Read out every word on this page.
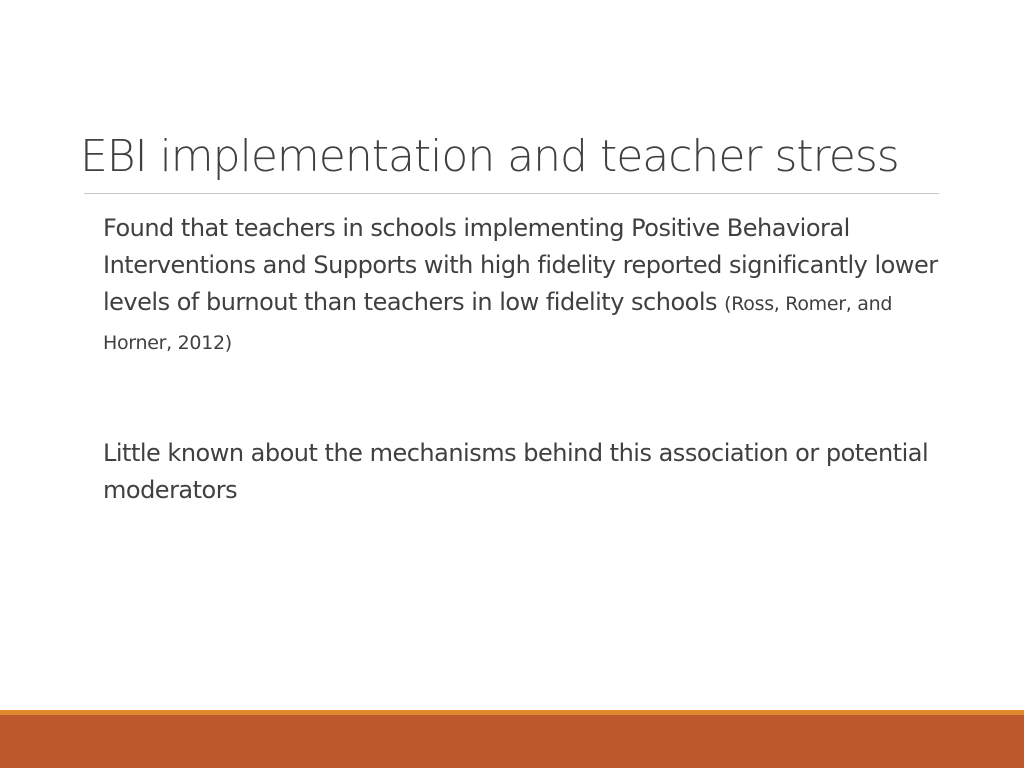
EBI implementation and teacher stress

Found that teachers in schools implementing Positive Behavioral Interventions and Supports with high fidelity reported significantly lower levels of burnout than teachers in low fidelity schools (Ross, Romer, and Horner, 2012)

Little known about the mechanisms behind this association or potential moderators
